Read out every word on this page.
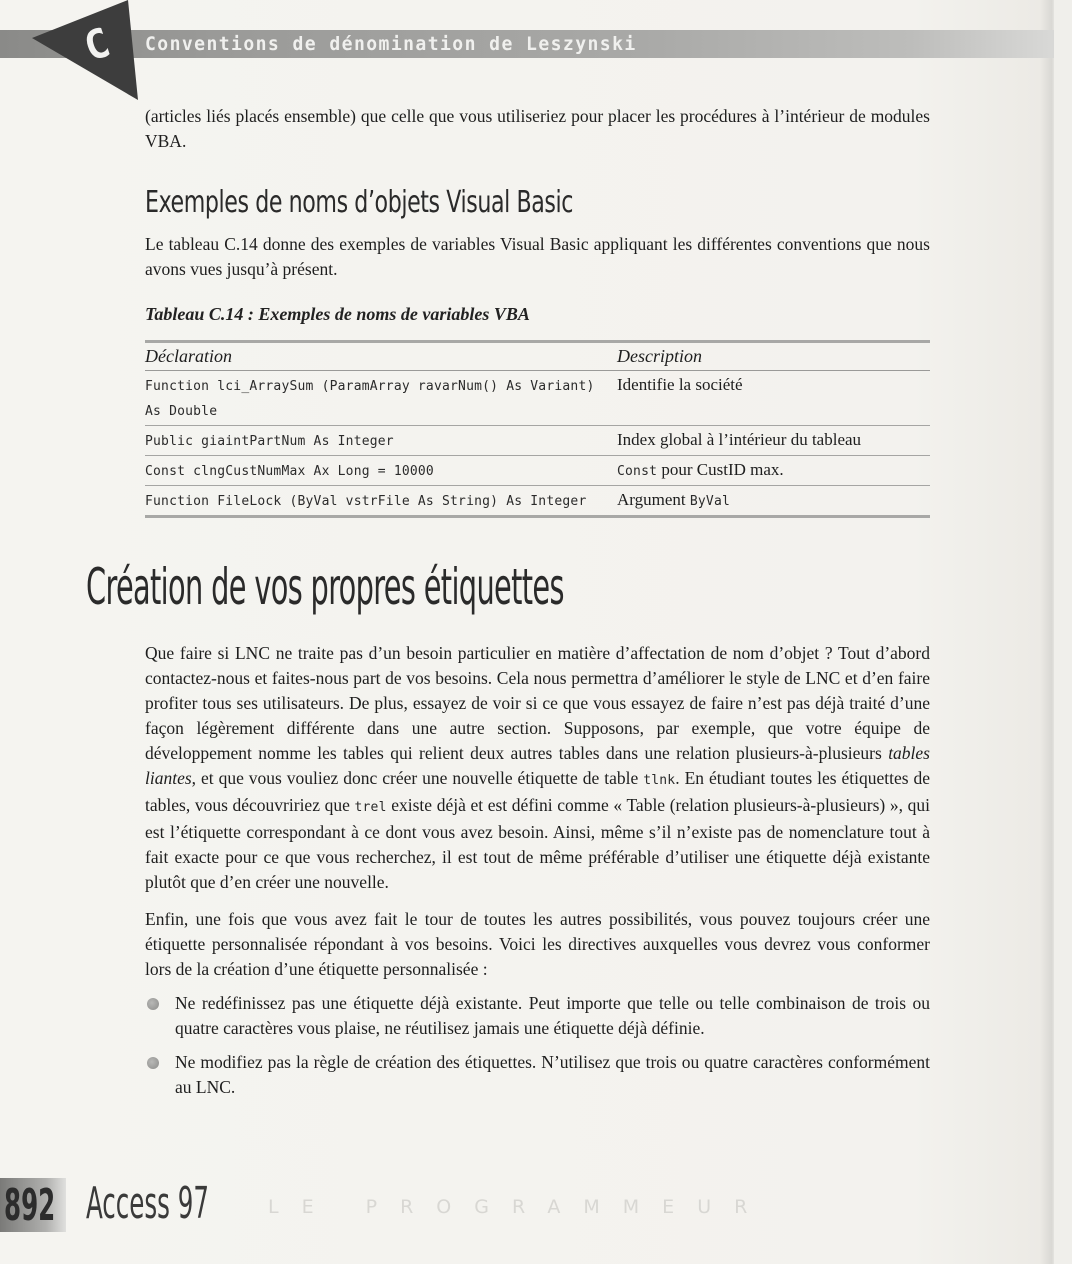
C Conventions de dénomination de Leszynski

(articles liés placés ensemble) que celle que vous utiliseriez pour placer les procédures à l’intérieur de modules VBA.

Exemples de noms d’objets Visual Basic

Le tableau C.14 donne des exemples de variables Visual Basic appliquant les différentes conventions que nous avons vues jusqu’à présent.

Tableau C.14 : Exemples de noms de variables VBA
Déclaration	Description
Function lci_ArraySum (ParamArray ravarNum() As Variant) As Double	Identifie la société
Public giaintPartNum As Integer	Index global à l’intérieur du tableau
Const clngCustNumMax Ax Long = 10000	Const pour CustID max.
Function FileLock (ByVal vstrFile As String) As Integer	Argument ByVal
Création de vos propres étiquettes

Que faire si LNC ne traite pas d’un besoin particulier en matière d’affectation de nom d’objet ? Tout d’abord contactez-nous et faites-nous part de vos besoins. Cela nous permettra d’améliorer le style de LNC et d’en faire profiter tous ses utilisateurs. De plus, essayez de voir si ce que vous essayez de faire n’est pas déjà traité d’une façon légèrement différente dans une autre section. Supposons, par exemple, que votre équipe de développement nomme les tables qui relient deux autres tables dans une relation plusieurs-à-plusieurs tables liantes, et que vous vouliez donc créer une nouvelle étiquette de table tlnk. En étudiant toutes les étiquettes de tables, vous découvririez que trel existe déjà et est défini comme « Table (relation plusieurs-à-plusieurs) », qui est l’étiquette correspondant à ce dont vous avez besoin. Ainsi, même s’il n’existe pas de nomenclature tout à fait exacte pour ce que vous recherchez, il est tout de même préférable d’utiliser une étiquette déjà existante plutôt que d’en créer une nouvelle.

Enfin, une fois que vous avez fait le tour de toutes les autres possibilités, vous pouvez toujours créer une étiquette personnalisée répondant à vos besoins. Voici les directives auxquelles vous devrez vous conformer lors de la création d’une étiquette personnalisée :

Ne redéfinissez pas une étiquette déjà existante. Peut importe que telle ou telle combinaison de trois ou quatre caractères vous plaise, ne réutilisez jamais une étiquette déjà définie.
Ne modifiez pas la règle de création des étiquettes. N’utilisez que trois ou quatre caractères conformément au LNC.
892 Access 97	LE PROGRAMMEUR
